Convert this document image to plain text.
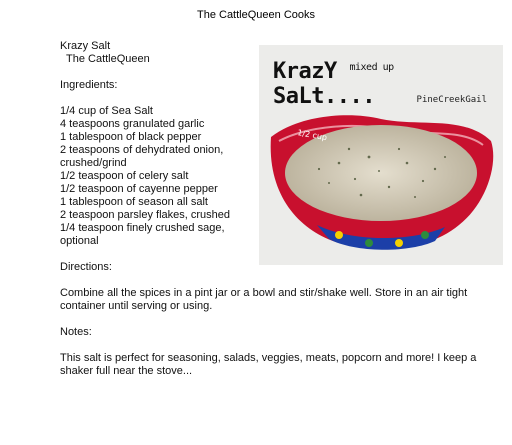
The CattleQueen Cooks

Krazy Salt

The CattleQueen

Ingredients:

1/4 cup of Sea Salt

4 teaspoons granulated garlic

1 tablespoon of black pepper

2 teaspoons of dehydrated onion, crushed/grind

1/2 teaspoon of celery salt

1/2 teaspoon of cayenne pepper

1 tablespoon of season all salt

2 teaspoon parsley flakes, crushed

1/4 teaspoon finely crushed sage, optional

Directions:

Combine all the spices in a pint jar or a bowl and stir/shake well. Store in an air tight container until serving or using.

Notes:

This salt is perfect for seasoning, salads, veggies, meats, popcorn and more! I keep a shaker full near the stove...

KrazY $^{mixed up}$ SaLt....	PineCreekGail
1/2 cup
